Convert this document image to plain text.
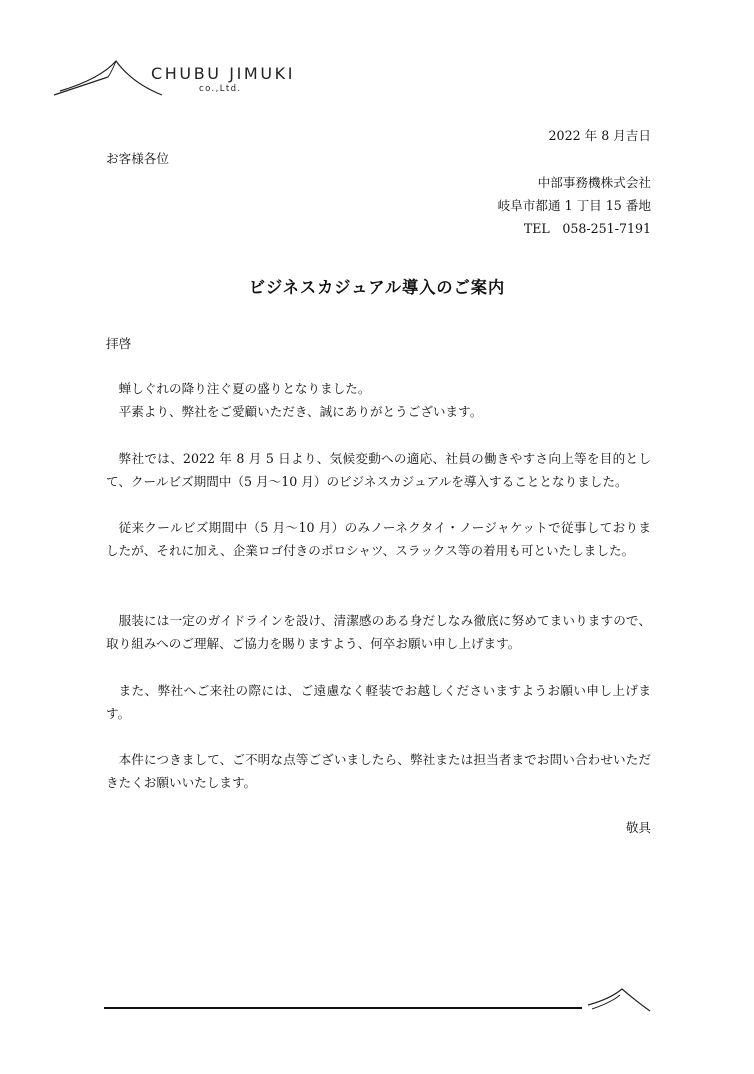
CHUBU JIMUKI
co.,Ltd.
2022 年 8 月吉日
お客様各位
中部事務機株式会社
岐阜市都通 1 丁目 15 番地
TEL　058-251-7191
ビジネスカジュアル導入のご案内
拝啓
蝉しぐれの降り注ぐ夏の盛りとなりました。
平素より、弊社をご愛顧いただき、誠にありがとうございます。
弊社では、2022 年 8 月 5 日より、気候変動への適応、社員の働きやすさ向上等を目的として、クールビズ期間中（5 月～10 月）のビジネスカジュアルを導入することとなりました。
従来クールビズ期間中（5 月～10 月）のみノーネクタイ・ノージャケットで従事しておりましたが、それに加え、企業ロゴ付きのポロシャツ、スラックス等の着用も可といたしました。
服装には一定のガイドラインを設け、清潔感のある身だしなみ徹底に努めてまいりますので、取り組みへのご理解、ご協力を賜りますよう、何卒お願い申し上げます。
また、弊社へご来社の際には、ご遠慮なく軽装でお越しくださいますようお願い申し上げます。
本件につきまして、ご不明な点等ございましたら、弊社または担当者までお問い合わせいただきたくお願いいたします。
敬具
